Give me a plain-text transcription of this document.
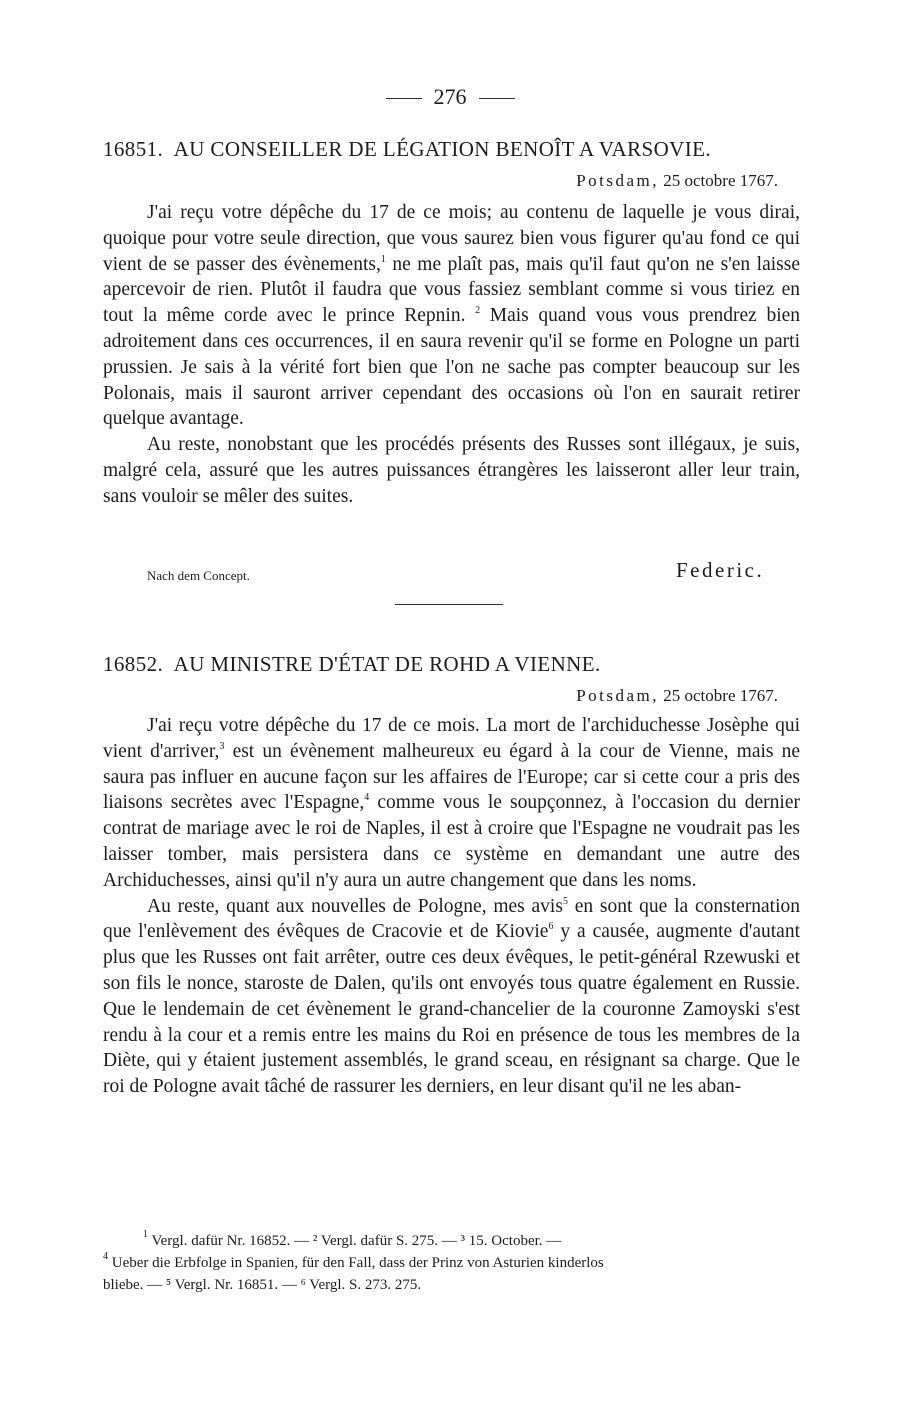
276
16851. AU CONSEILLER DE LÉGATION BENOÎT A VARSOVIE.
Potsdam, 25 octobre 1767.

J'ai reçu votre dépêche du 17 de ce mois; au contenu de laquelle je vous dirai, quoique pour votre seule direction, que vous saurez bien vous figurer qu'au fond ce qui vient de se passer des évènements,$^1$ ne me plaît pas, mais qu'il faut qu'on ne s'en laisse apercevoir de rien. Plutôt il faudra que vous fassiez semblant comme si vous tiriez en tout la même corde avec le prince Repnin. $^2$ Mais quand vous vous prendrez bien adroitement dans ces occurrences, il en saura revenir qu'il se forme en Pologne un parti prussien. Je sais à la vérité fort bien que l'on ne sache pas compter beaucoup sur les Polonais, mais il sauront arriver cependant des occasions où l'on en saurait retirer quelque avantage.

Au reste, nonobstant que les procédés présents des Russes sont illégaux, je suis, malgré cela, assuré que les autres puissances étrangères les laisseront aller leur train, sans vouloir se mêler des suites.

Nach dem Concept.	Federic.
16852. AU MINISTRE D'ÉTAT DE ROHD A VIENNE.
Potsdam, 25 octobre 1767.

J'ai reçu votre dépêche du 17 de ce mois. La mort de l'archiduchesse Josèphe qui vient d'arriver,$^3$ est un évènement malheureux eu égard à la cour de Vienne, mais ne saura pas influer en aucune façon sur les affaires de l'Europe; car si cette cour a pris des liaisons secrètes avec l'Espagne,$^4$ comme vous le soupçonnez, à l'occasion du dernier contrat de mariage avec le roi de Naples, il est à croire que l'Espagne ne voudrait pas les laisser tomber, mais persistera dans ce système en demandant une autre des Archiduchesses, ainsi qu'il n'y aura un autre changement que dans les noms.

Au reste, quant aux nouvelles de Pologne, mes avis$^5$ en sont que la consternation que l'enlèvement des évêques de Cracovie et de Kiovie$^6$ y a causée, augmente d'autant plus que les Russes ont fait arrêter, outre ces deux évêques, le petit-général Rzewuski et son fils le nonce, staroste de Dalen, qu'ils ont envoyés tous quatre également en Russie. Que le lendemain de cet évènement le grand-chancelier de la couronne Zamoyski s'est rendu à la cour et a remis entre les mains du Roi en présence de tous les membres de la Diète, qui y étaient justement assemblés, le grand sceau, en résignant sa charge. Que le roi de Pologne avait tâché de rassurer les derniers, en leur disant qu'il ne les aban-

$^1$ Vergl. dafür Nr. 16852. — ² Vergl. dafür S. 275. — ³ 15. October. —
$^4$ Ueber die Erbfolge in Spanien, für den Fall, dass der Prinz von Asturien kinderlos
bliebe. — ⁵ Vergl. Nr. 16851. — ⁶ Vergl. S. 273. 275.
